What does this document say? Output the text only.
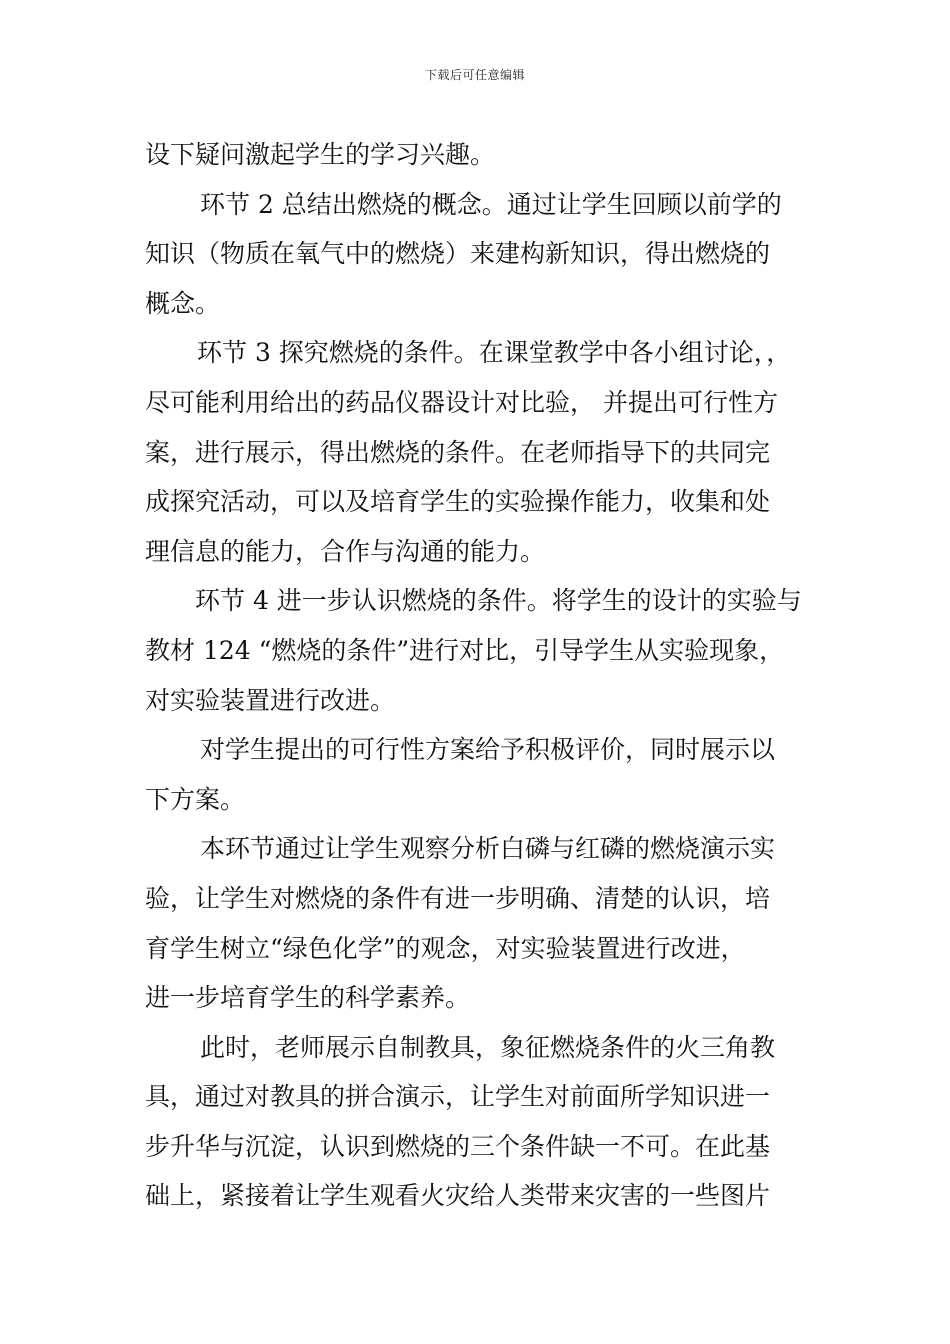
下载后可任意编辑
设下疑问激起学生的学习兴趣。
环节 2 总结出燃烧的概念。通过让学生回顾以前学的
知识（物质在氧气中的燃烧）来建构新知识，得出燃烧的
概念。
环节 3 探究燃烧的条件。在课堂教学中各小组讨论，，
尽可能利用给出的药品仪器设计对比验， 并提出可行性方
案，进行展示，得出燃烧的条件。在老师指导下的共同完
成探究活动，可以及培育学生的实验操作能力，收集和处
理信息的能力，合作与沟通的能力。
环节 4 进一步认识燃烧的条件。将学生的设计的实验与
教材 124 “燃烧的条件”进行对比，引导学生从实验现象，
对实验装置进行改进。
对学生提出的可行性方案给予积极评价，同时展示以
下方案。
本环节通过让学生观察分析白磷与红磷的燃烧演示实
验，让学生对燃烧的条件有进一步明确、清楚的认识，培
育学生树立“绿色化学”的观念，对实验装置进行改进，
进一步培育学生的科学素养。
此时，老师展示自制教具，象征燃烧条件的火三角教
具，通过对教具的拼合演示，让学生对前面所学知识进一
步升华与沉淀，认识到燃烧的三个条件缺一不可。在此基
础上，紧接着让学生观看火灾给人类带来灾害的一些图片
